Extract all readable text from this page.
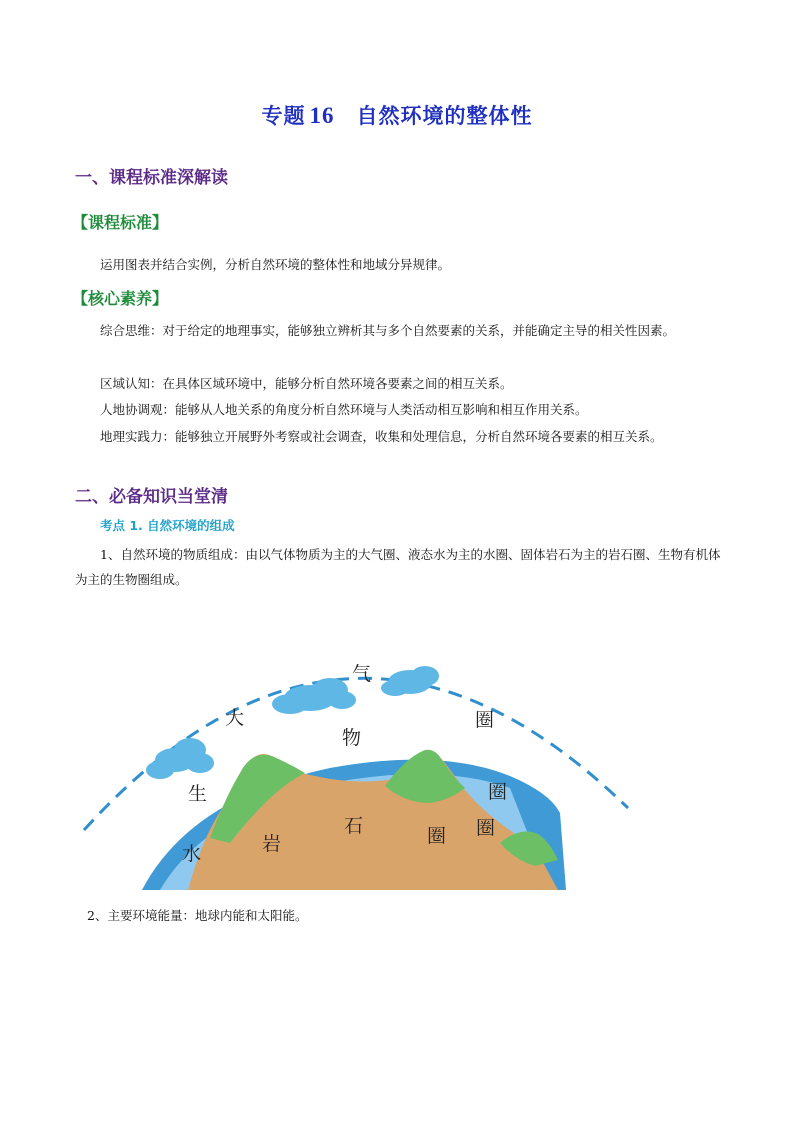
专题 16 自然环境的整体性
一、课程标准深解读
【课程标准】
运用图表并结合实例，分析自然环境的整体性和地域分异规律。
【核心素养】
综合思维：对于给定的地理事实，能够独立辨析其与多个自然要素的关系，并能确定主导的相关性因素。
区域认知：在具体区域环境中，能够分析自然环境各要素之间的相互关系。
人地协调观：能够从人地关系的角度分析自然环境与人类活动相互影响和相互作用关系。
地理实践力：能够独立开展野外考察或社会调查，收集和处理信息，分析自然环境各要素的相互关系。
二、必备知识当堂清
考点 1. 自然环境的组成
1、自然环境的物质组成：由以气体物质为主的大气圈、液态水为主的水圈、固体岩石为主的岩石圈、生物有机体为主的生物圈组成。
大
气
圈
生
物
圈
圈
水	岩
石	圈
2、主要环境能量：地球内能和太阳能。
